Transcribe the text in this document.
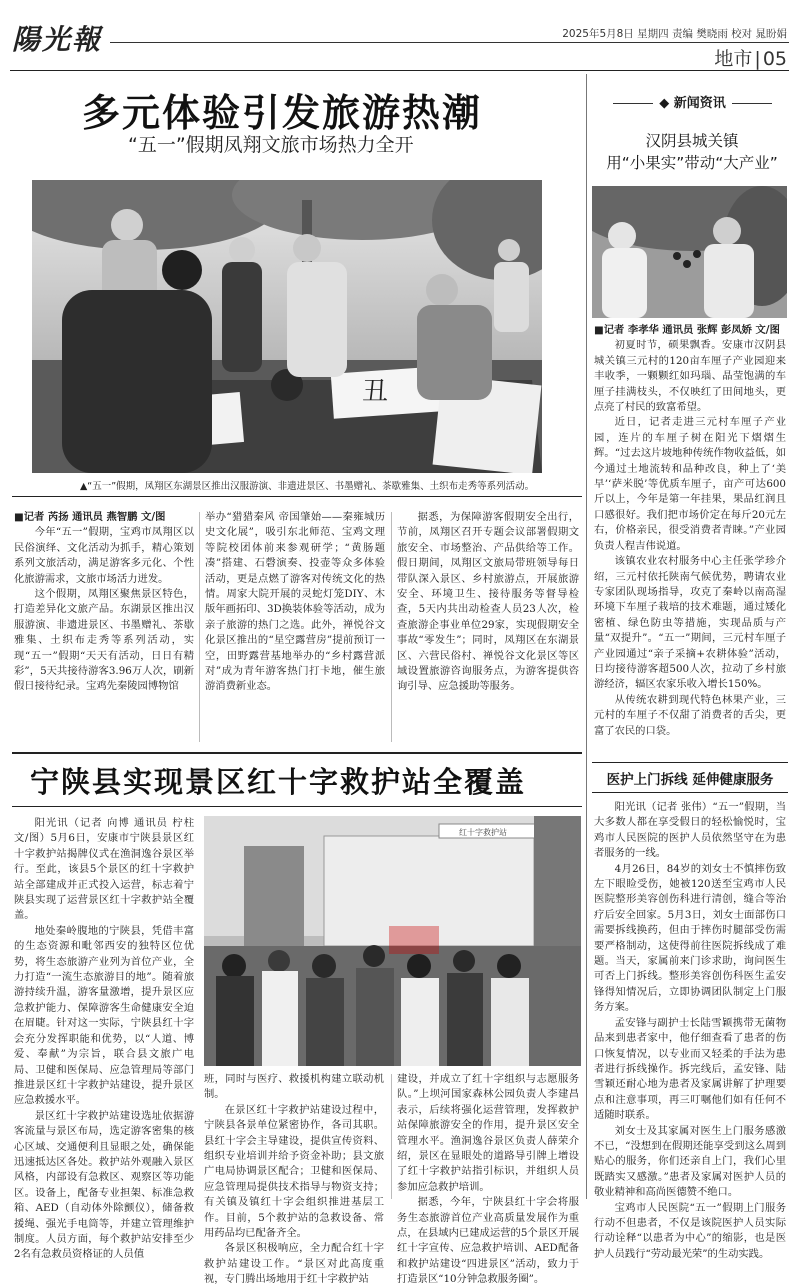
陽光報	2025年5月8日 星期四 责编 樊晓雨 校对 晁盼娟
地市 | 05
多元体验引发旅游热潮
“五一”假期凤翔文旅市场热力全开
丑
▲“五一”假期，凤翔区东湖景区推出汉服游演、非遗进景区、书墨赠礼、茶歇雅集、土织布走秀等系列活动。
■记者 芮扬 通讯员 燕智鹏 文/图

今年“五一”假期，宝鸡市凤翔区以民俗演绎、文化活动为抓手，精心策划系列文旅活动，满足游客多元化、个性化旅游需求，文旅市场活力迸发。

这个假期，凤翔区聚焦景区特色，打造差异化文旅产品。东湖景区推出汉服游演、非遗进景区、书墨赠礼、茶歇雅集、土织布走秀等系列活动，实现“五一”假期“天天有活动，日日有精彩”，5天共接待游客3.96万人次，刷新假日接待纪录。宝鸡先秦陵园博物馆

举办“猎猎秦风 帝国肇始——秦雍城历史文化展”，吸引东北师范、宝鸡文理等院校团体前来参观研学；“黄肠题凑”搭建、石磬演奏、投壶等众多体验活动，更是点燃了游客对传统文化的热情。周家大院开展的灵蛇灯笼DIY、木版年画拓印、3D换装体验等活动，成为亲子旅游的热门之选。此外，禅悦谷文化景区推出的“星空露营房”提前预订一空，田野露营基地举办的“乡村露营派对”成为青年游客热门打卡地，催生旅游消费新业态。

据悉，为保障游客假期安全出行，节前，凤翔区召开专题会议部署假期文旅安全、市场整治、产品供给等工作。假日期间，凤翔区文旅局带班领导每日带队深入景区、乡村旅游点，开展旅游安全、环境卫生、接待服务等督导检查，5天内共出动检查人员23人次，检查旅游企事业单位29家，实现假期安全事故“零发生”；同时，凤翔区在东湖景区、六营民俗村、禅悦谷文化景区等区域设置旅游咨询服务点，为游客提供咨询引导、应急援助等服务。

宁陕县实现景区红十字救护站全覆盖

阳光讯（记者 向博 通讯员 柠柱 文/图）5月6日，安康市宁陕县景区红十字救护站揭牌仪式在渔洞逸谷景区举行。至此，该县5个景区的红十字救护站全部建成并正式投入运营，标志着宁陕县实现了运营景区红十字救护站全覆盖。

地处秦岭腹地的宁陕县，凭借丰富的生态资源和毗邻西安的独特区位优势，将生态旅游产业列为首位产业，全力打造“一流生态旅游目的地”。随着旅游持续升温，游客量激增，提升景区应急救护能力、保障游客生命健康安全迫在眉睫。针对这一实际，宁陕县红十字会充分发挥职能和优势，以“人道、博爱、奉献”为宗旨，联合县文旅广电局、卫健和医保局、应急管理局等部门推进景区红十字救护站建设，提升景区应急救援水平。

景区红十字救护站建设选址依据游客流量与景区布局，选定游客密集的核心区域、交通便利且显眼之处，确保能迅速抵达区各处。救护站外观融入景区风格，内部设有急救区、观察区等功能区。设备上，配备专业担架、标准急救箱、AED（自动体外除颤仪），储备救援绳、强光手电筒等，并建立管理维护制度。人员方面，每个救护站安排至少2名有急救员资格证的人员值

红十字救护站

班，同时与医疗、救援机构建立联动机制。

在景区红十字救护站建设过程中，宁陕县各景单位紧密协作，各司其职。县红十字会主导建设，提供宣传资料、组织专业培训并给予资金补助；县文旅广电局协调景区配合；卫健和医保局、应急管理局提供技术指导与物资支持；有关镇及镇红十字会组织推进基层工作。目前，5个救护站的急救设备、常用药品均已配备齐全。

各景区积极响应，全力配合红十字救护站建设工作。“景区对此高度重视，专门腾出场地用于红十字救护站

建设，并成立了红十字组织与志愿服务队。”上坝河国家森林公园负责人李建昌表示，后续将强化运营管理，发挥救护站保障旅游安全的作用，提升景区安全管理水平。渔洞逸谷景区负责人薛荣介绍，景区在显眼处的道路导引牌上增设了红十字救护站指引标识，并组织人员参加应急救护培训。

据悉，今年，宁陕县红十字会将服务生态旅游首位产业高质量发展作为重点，在县域内已建成运营的5个景区开展红十字宣传、应急救护培训、AED配备和救护站建设“四进景区”活动，致力于打造景区“10分钟急救服务圈”。

◆ 新闻资讯
汉阴县城关镇
用“小果实”带动“大产业”
■记者 李孝华 通讯员 张辉 彭凤娇 文/图

初夏时节，硕果飘香。安康市汉阴县城关镇三元村的120亩车厘子产业园迎来丰收季，一颗颗红如玛瑙、晶莹饱满的车厘子挂满枝头，不仅映红了田间地头，更点亮了村民的致富希望。

近日，记者走进三元村车厘子产业园，连片的车厘子树在阳光下熠熠生辉。“过去这片坡地种传统作物收益低，如今通过土地流转和品种改良，种上了‘美早’‘萨米脱’等优质车厘子，亩产可达600斤以上，今年是第一年挂果，果品红润且口感很好。我们把市场价定在每斤20元左右，价格亲民，很受消费者青睐。”产业园负责人程吉伟说道。

该镇农业农村服务中心主任张学珍介绍，三元村依托陕南气候优势，聘请农业专家团队现场指导，攻克了秦岭以南高湿环境下车厘子栽培的技术难题，通过矮化密植、绿色防虫等措施，实现品质与产量“双提升”。“五一”期间，三元村车厘子产业园通过“亲子采摘+农耕体验”活动，日均接待游客超500人次，拉动了乡村旅游经济，辐区农家乐收入增长150%。

从传统农耕到现代特色林果产业，三元村的车厘子不仅甜了消费者的舌尖，更富了农民的口袋。

医护上门拆线 延伸健康服务

阳光讯（记者 张伟）“五一”假期，当大多数人都在享受假日的轻松愉悦时，宝鸡市人民医院的医护人员依然坚守在为患者服务的一线。

4月26日，84岁的刘女士不慎摔伤致左下眼睑受伤，她被120送至宝鸡市人民医院整形美容创伤科进行清创，缝合等治疗后安全回家。5月3日，刘女士面部伤口需要拆线换药，但由于摔伤时腿部受伤需要严格制动，这使得前往医院拆线成了难题。当天，家属前来门诊求助，询问医生可否上门拆线。整形美容创伤科医生孟安锋得知情况后，立即协调团队制定上门服务方案。

孟安锋与副护士长陆雪颖携带无菌物品来到患者家中，他仔细查看了患者的伤口恢复情况，以专业而又轻柔的手法为患者进行拆线操作。拆完线后，孟安锋、陆雪颖还耐心地为患者及家属讲解了护理要点和注意事项，再三叮嘱他们如有任何不适随时联系。

刘女士及其家属对医生上门服务感激不已，“没想到在假期还能享受到这么周到贴心的服务，你们还亲自上门，我们心里既踏实又感激。”患者及家属对医护人员的敬业精神和高尚医德赞不绝口。

宝鸡市人民医院“五一”假期上门服务行动不但患者，不仅是该院医护人员实际行动诠释“以患者为中心”的缩影，也是医护人员践行“劳动最光荣”的生动实践。
